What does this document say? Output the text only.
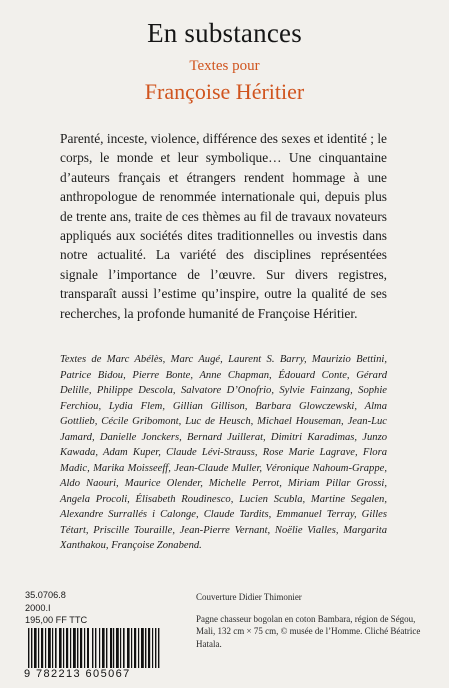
En substances
Textes pour
Françoise Héritier
Parenté, inceste, violence, différence des sexes et identité ; le corps, le monde et leur symbolique… Une cinquantaine d’auteurs français et étrangers rendent hommage à une anthropologue de renommée internationale qui, depuis plus de trente ans, traite de ces thèmes au fil de travaux novateurs appliqués aux sociétés dites traditionnelles ou investis dans notre actualité. La variété des disciplines représentées signale l’importance de l’œuvre. Sur divers registres, transparaît aussi l’estime qu’inspire, outre la qualité de ses recherches, la profonde humanité de Françoise Héritier.
Textes de Marc Abélès, Marc Augé, Laurent S. Barry, Maurizio Bettini, Patrice Bidou, Pierre Bonte, Anne Chapman, Édouard Conte, Gérard Delille, Philippe Descola, Salvatore D’Onofrio, Sylvie Fainzang, Sophie Ferchiou, Lydia Flem, Gillian Gillison, Barbara Glowczewski, Alma Gottlieb, Cécile Gribomont, Luc de Heusch, Michael Houseman, Jean-Luc Jamard, Danielle Jonckers, Bernard Juillerat, Dimitri Karadimas, Junzo Kawada, Adam Kuper, Claude Lévi-Strauss, Rose Marie Lagrave, Flora Madic, Marika Moisseeff, Jean-Claude Muller, Véronique Nahoum-Grappe, Aldo Naouri, Maurice Olender, Michelle Perrot, Miriam Pillar Grossi, Angela Procoli, Élisabeth Roudinesco, Lucien Scubla, Martine Segalen, Alexandre Surrallés i Calonge, Claude Tardits, Emmanuel Terray, Gilles Tétart, Priscille Touraille, Jean-Pierre Vernant, Noëlie Vialles, Margarita Xanthakou, Françoise Zonabend.
35.0706.8
2000.I
195,00 FF TTC
9 782213 605067
Couverture Didier Thimonier
Pagne chasseur bogolan en coton Bambara, région de Ségou, Mali, 132 cm × 75 cm, © musée de l’Homme. Cliché Béatrice Hatala.
